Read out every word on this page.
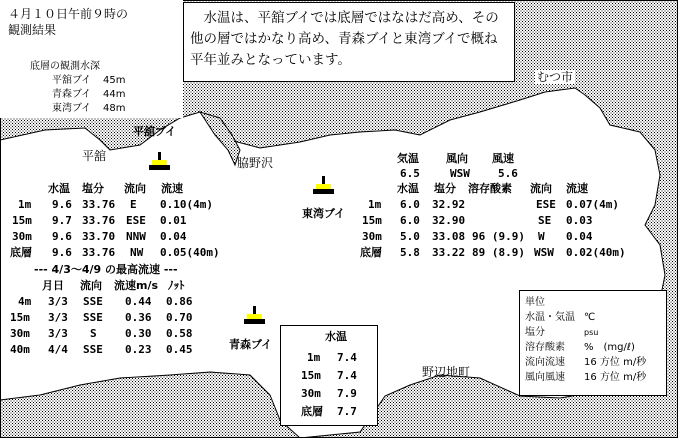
４月１０日午前９時の
観測結果
底層の観測水深
平舘ブイ 45m
青森ブイ 44m
東湾ブイ 48m
　水温は、平舘ブイでは底層ではなはだ高め、その
他の層ではかなり高め、青森ブイと東湾ブイで概ね
平年並みとなっています。
平舘	脇野沢
むつ市
野辺地町
平舘ブイ
東湾ブイ
青森ブイ
水温 塩分 流向 流速
1m 9.6 33.76 E 0.10(4m)
15m 9.7 33.76 ESE 0.01
30m 9.6 33.70 NNW 0.04
底層 9.6 33.76 NW 0.05(40m)
--- 4/3～4/9 の最高流速 ---
月日 流向 流速m/s ﾉｯﾄ
4m 3/3 SSE 0.44 0.86
15m 3/3 SSE 0.36 0.70
30m 3/3 S	0.30 0.58
40m 4/4 SSE 0.23 0.45
気温 風向 風速
6.5	WSW	5.6
水温 塩分 溶存酸素 流向 流速
1m 6.0 32.92	ESE 0.07(4m)
15m 6.0 32.90	SE 0.03
30m 5.0 33.08 96 (9.9) W 0.04
底層 5.8 33.22 89 (8.9) WSW 0.02(40m)
水温
1m 7.4
15m 7.4
30m 7.9
底層 7.7
単位
水温・気温 ℃
塩分	psu
溶存酸素 %　(mg/ℓ)
流向流速 16 方位 m/秒
風向風速 16 方位 m/秒
